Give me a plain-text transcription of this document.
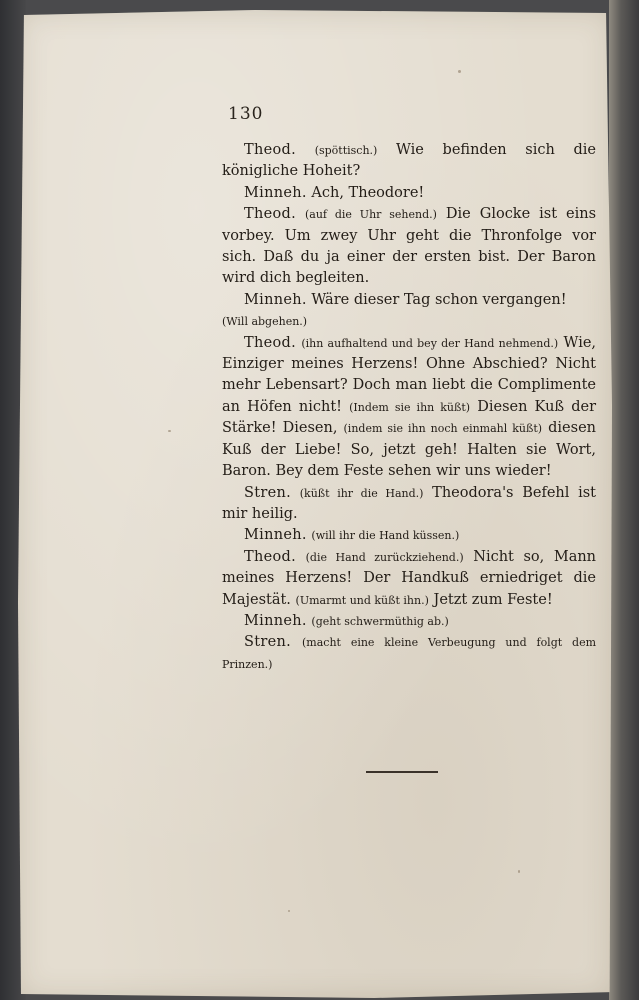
130

Theod. (spöttisch.) Wie befinden sich die königliche Hoheit?

Minneh. Ach, Theodore!

Theod. (auf die Uhr sehend.) Die Glocke ist eins vorbey. Um zwey Uhr geht die Thronfolge vor sich. Daß du ja einer der ersten bist. Der Baron wird dich begleiten.

Minneh. Wäre dieser Tag schon vergangen!

(Will abgehen.)

Theod. (ihn aufhaltend und bey der Hand nehmend.) Wie, Einziger meines Herzens! Ohne Abschied? Nicht mehr Lebensart? Doch man liebt die Complimente an Höfen nicht! (Indem sie ihn küßt) Diesen Kuß der Stärke! Diesen, (indem sie ihn noch einmahl küßt) diesen Kuß der Liebe! So, jetzt geh! Halten sie Wort, Baron. Bey dem Feste sehen wir uns wieder!

Stren. (küßt ihr die Hand.) Theodora's Befehl ist mir heilig.

Minneh. (will ihr die Hand küssen.)

Theod. (die Hand zurückziehend.) Nicht so, Mann meines Herzens! Der Handkuß erniedriget die Majestät. (Umarmt und küßt ihn.) Jetzt zum Feste!

Minneh. (geht schwermüthig ab.)

Stren. (macht eine kleine Verbeugung und folgt dem Prinzen.)
